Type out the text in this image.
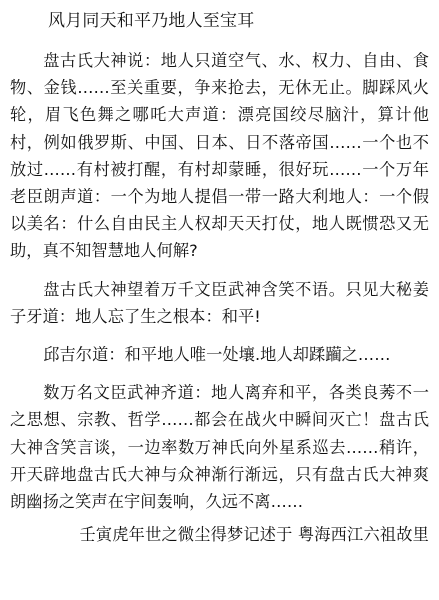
风月同天和平乃地人至宝耳

盘古氏大神说：地人只道空气、水、权力、自由、食物、金钱……至关重要，争来抢去，无休无止。脚踩风火轮，眉飞色舞之哪吒大声道：漂亮国绞尽脑汁，算计他村，例如俄罗斯、中国、日本、日不落帝国……一个也不放过……有村被打醒，有村却蒙睡，很好玩……一个万年老臣朗声道：一个为地人提倡一带一路大利地人：一个假以美名：什么自由民主人权却天天打仗，地人既惯恐又无助，真不知智慧地人何解?

盘古氏大神望着万千文臣武神含笑不语。只见大秘姜子牙道：地人忘了生之根本：和平!

邱吉尔道：和平地人唯一处壤.地人却蹂躏之……

数万名文臣武神齐道：地人离弃和平，各类良莠不一之思想、宗教、哲学……都会在战火中瞬间灭亡！盘古氏大神含笑言谈，一边率数万神氏向外星系巡去……稍许，开天辟地盘古氏大神与众神渐行渐远，只有盘古氏大神爽朗幽扬之笑声在宇间轰响，久远不离……

壬寅虎年世之微尘得梦记述于 粤海西江六祖故里
